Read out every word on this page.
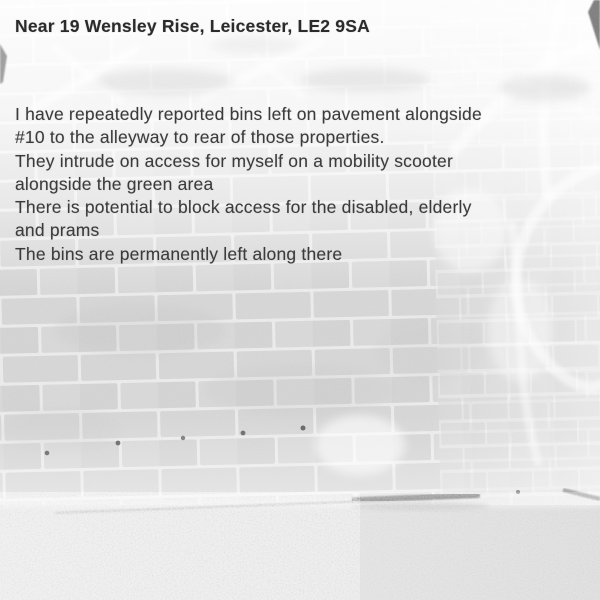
Near 19 Wensley Rise, Leicester, LE2 9SA
I have repeatedly reported bins left on pavement alongside
#10 to the alleyway to rear of those properties.
They intrude on access for myself on a mobility scooter
alongside the green area
There is potential to block access for the disabled, elderly
and prams
The bins are permanently left along there
